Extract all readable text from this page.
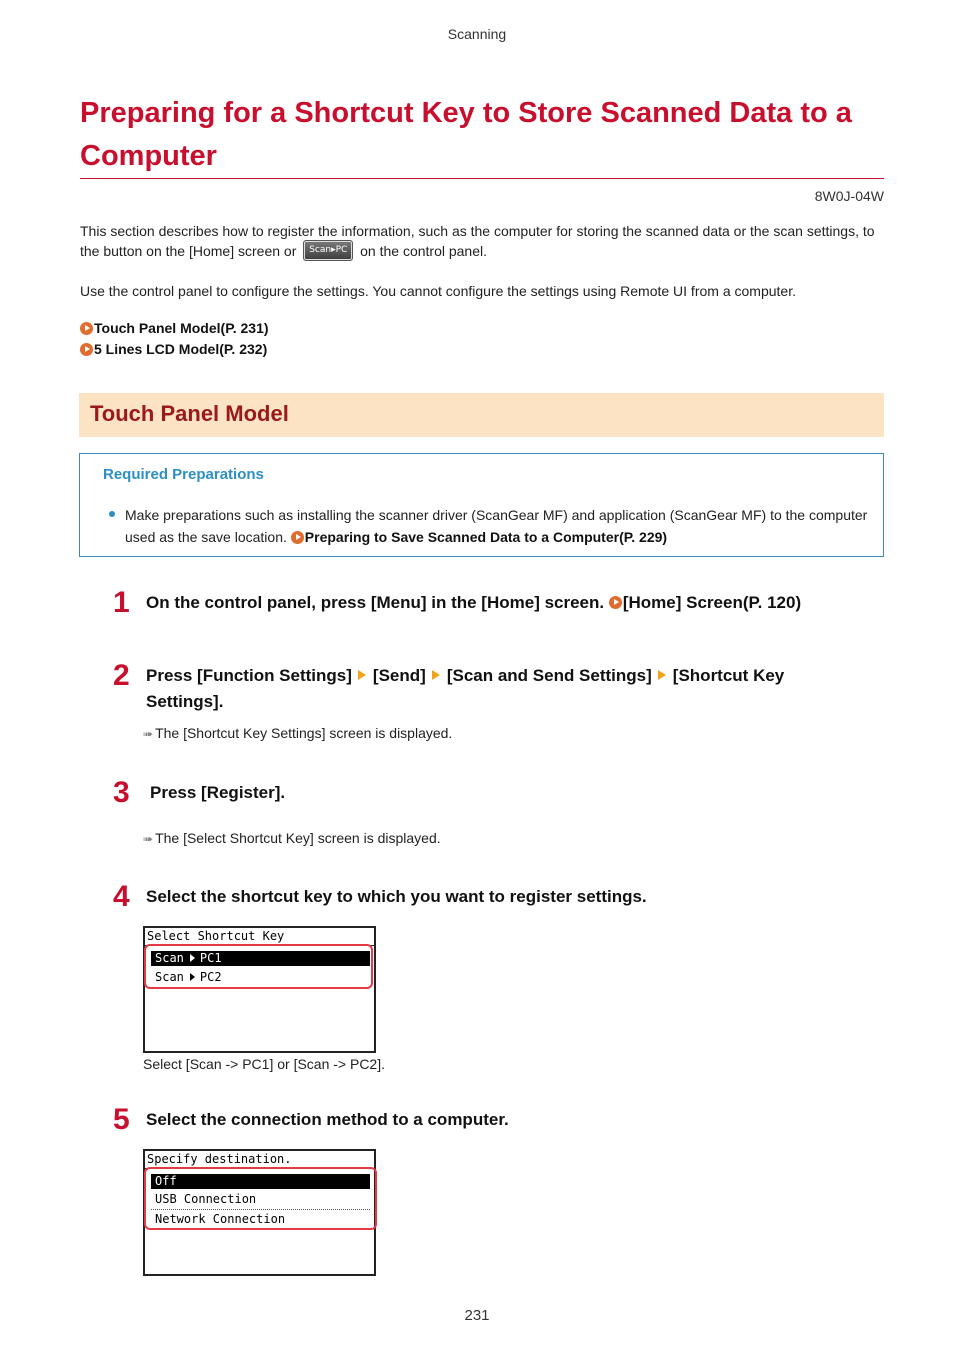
Scanning
Preparing for a Shortcut Key to Store Scanned Data to a Computer
8W0J-04W

This section describes how to register the information, such as the computer for storing the scanned data or the scan settings, to the button on the [Home] screen or Scan▸PC on the control panel.

Use the control panel to configure the settings. You cannot configure the settings using Remote UI from a computer.

Touch Panel Model(P. 231)
5 Lines LCD Model(P. 232)
Touch Panel Model
Required Preparations
Make preparations such as installing the scanner driver (ScanGear MF) and application (ScanGear MF) to the computer used as the save location. Preparing to Save Scanned Data to a Computer(P. 229)
1 On the control panel, press [Menu] in the [Home] screen. [Home] Screen(P. 120)
2 Press [Function Settings] [Send] [Scan and Send Settings] [Shortcut Key Settings].
➠ The [Shortcut Key Settings] screen is displayed.
3 Press [Register].
➠ The [Select Shortcut Key] screen is displayed.
4 Select the shortcut key to which you want to register settings.
Select Shortcut Key
Scan PC1
Scan PC2
Select [Scan -> PC1] or [Scan -> PC2].
5 Select the connection method to a computer.
Specify destination.
Off
USB Connection
Network Connection
231
